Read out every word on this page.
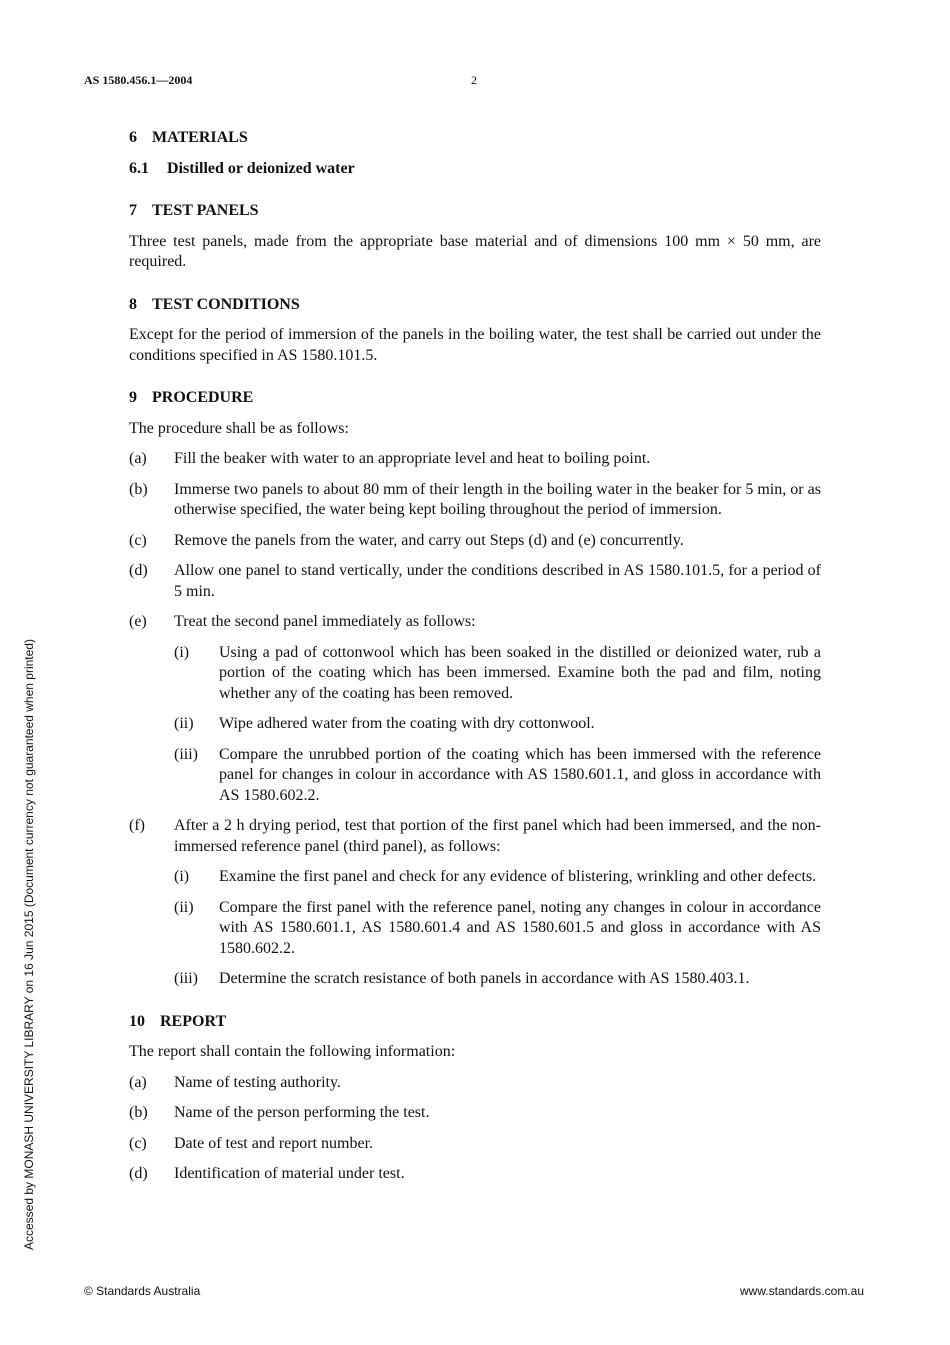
AS 1580.456.1—2004	2
6 MATERIALS
6.1 Distilled or deionized water
7 TEST PANELS

Three test panels, made from the appropriate base material and of dimensions 100 mm × 50 mm, are required.

8 TEST CONDITIONS

Except for the period of immersion of the panels in the boiling water, the test shall be carried out under the conditions specified in AS 1580.101.5.

9 PROCEDURE

The procedure shall be as follows:

(a)	Fill the beaker with water to an appropriate level and heat to boiling point.
(b)	Immerse two panels to about 80 mm of their length in the boiling water in the beaker for 5 min, or as otherwise specified, the water being kept boiling throughout the period of immersion.
(c)	Remove the panels from the water, and carry out Steps (d) and (e) concurrently.
(d)	Allow one panel to stand vertically, under the conditions described in AS 1580.101.5, for a period of 5 min.
(e)	Treat the second panel immediately as follows:
(i)	Using a pad of cottonwool which has been soaked in the distilled or deionized water, rub a portion of the coating which has been immersed. Examine both the pad and film, noting whether any of the coating has been removed.
(ii)	Wipe adhered water from the coating with dry cottonwool.
(iii)	Compare the unrubbed portion of the coating which has been immersed with the reference panel for changes in colour in accordance with AS 1580.601.1, and gloss in accordance with AS 1580.602.2.
(f)	After a 2 h drying period, test that portion of the first panel which had been immersed, and the non-immersed reference panel (third panel), as follows:
(i)	Examine the first panel and check for any evidence of blistering, wrinkling and other defects.
(ii)	Compare the first panel with the reference panel, noting any changes in colour in accordance with AS 1580.601.1, AS 1580.601.4 and AS 1580.601.5 and gloss in accordance with AS 1580.602.2.
(iii)	Determine the scratch resistance of both panels in accordance with AS 1580.403.1.
10 REPORT

The report shall contain the following information:

(a)	Name of testing authority.
(b)	Name of the person performing the test.
(c)	Date of test and report number.
(d)	Identification of material under test.
Accessed by MONASH UNIVERSITY LIBRARY on 16 Jun 2015 (Document currency not guaranteed when printed)
© Standards Australia	www.standards.com.au
